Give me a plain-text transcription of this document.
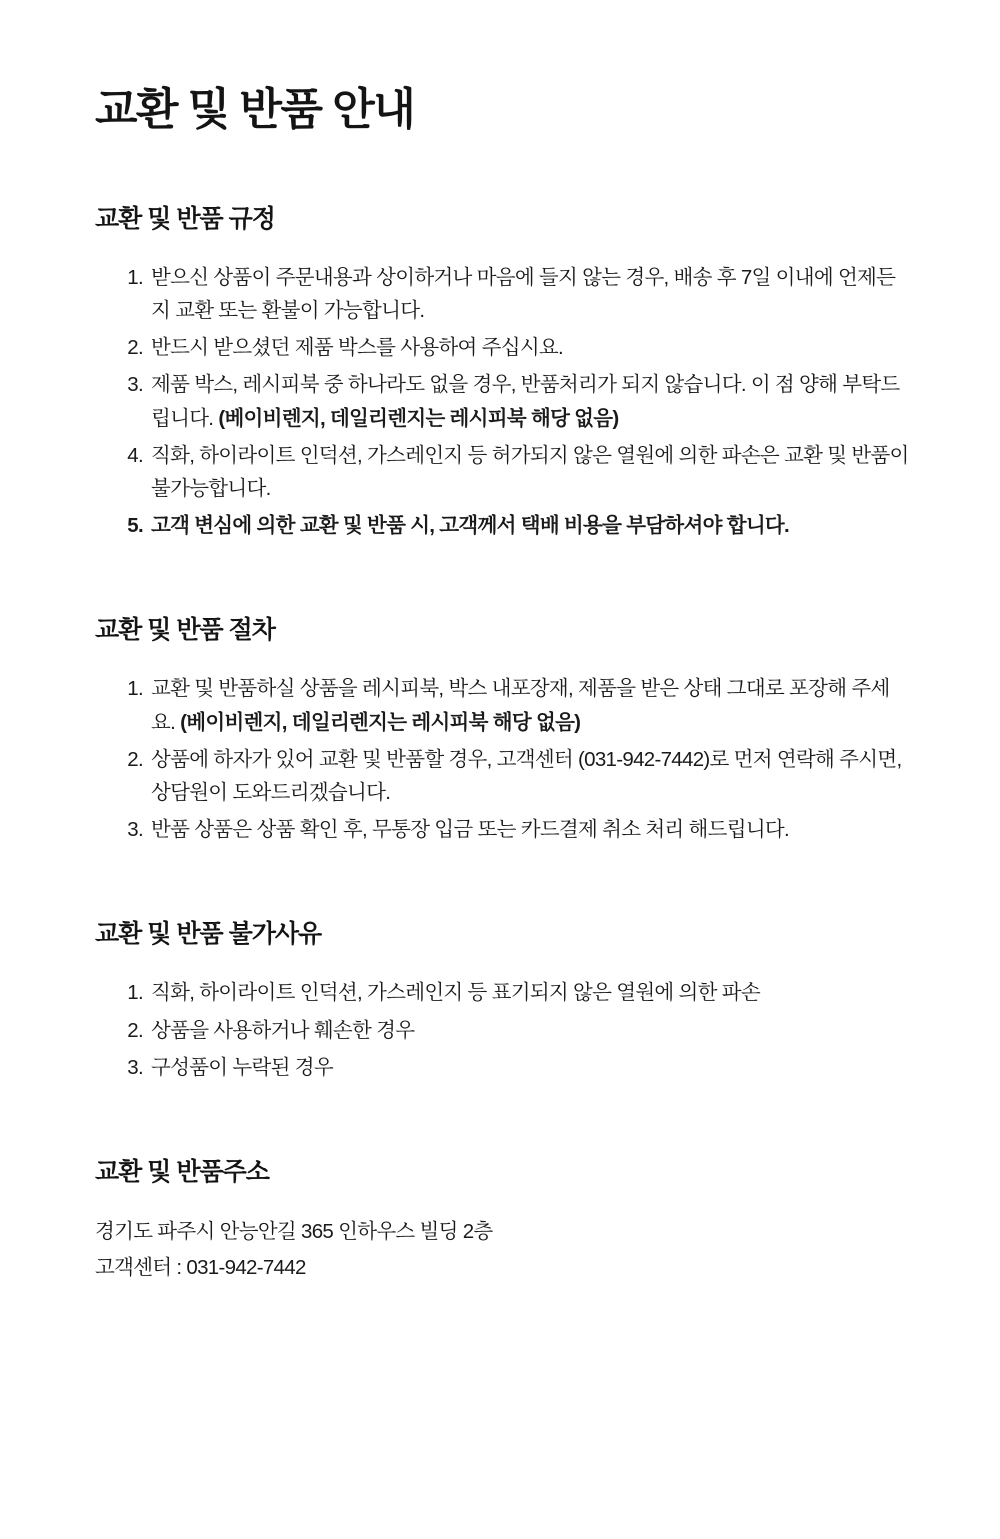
교환 및 반품 안내
교환 및 반품 규정
받으신 상품이 주문내용과 상이하거나 마음에 들지 않는 경우, 배송 후 7일 이내에 언제든지 교환 또는 환불이 가능합니다.
반드시 받으셨던 제품 박스를 사용하여 주십시요.
제품 박스, 레시피북 중 하나라도 없을 경우, 반품처리가 되지 않습니다. 이 점 양해 부탁드립니다. (베이비렌지, 데일리렌지는 레시피북 해당 없음)
직화, 하이라이트 인덕션, 가스레인지 등 허가되지 않은 열원에 의한 파손은 교환 및 반품이 불가능합니다.
고객 변심에 의한 교환 및 반품 시, 고객께서 택배 비용을 부담하셔야 합니다.
교환 및 반품 절차
교환 및 반품하실 상품을 레시피북, 박스 내포장재, 제품을 받은 상태 그대로 포장해 주세요. (베이비렌지, 데일리렌지는 레시피북 해당 없음)
상품에 하자가 있어 교환 및 반품할 경우, 고객센터 (031-942-7442)로 먼저 연락해 주시면, 상담원이 도와드리겠습니다.
반품 상품은 상품 확인 후, 무통장 입금 또는 카드결제 취소 처리 해드립니다.
교환 및 반품 불가사유
직화, 하이라이트 인덕션, 가스레인지 등 표기되지 않은 열원에 의한 파손
상품을 사용하거나 훼손한 경우
구성품이 누락된 경우
교환 및 반품주소

경기도 파주시 안능안길 365 인하우스 빌딩 2층

고객센터 : 031-942-7442
